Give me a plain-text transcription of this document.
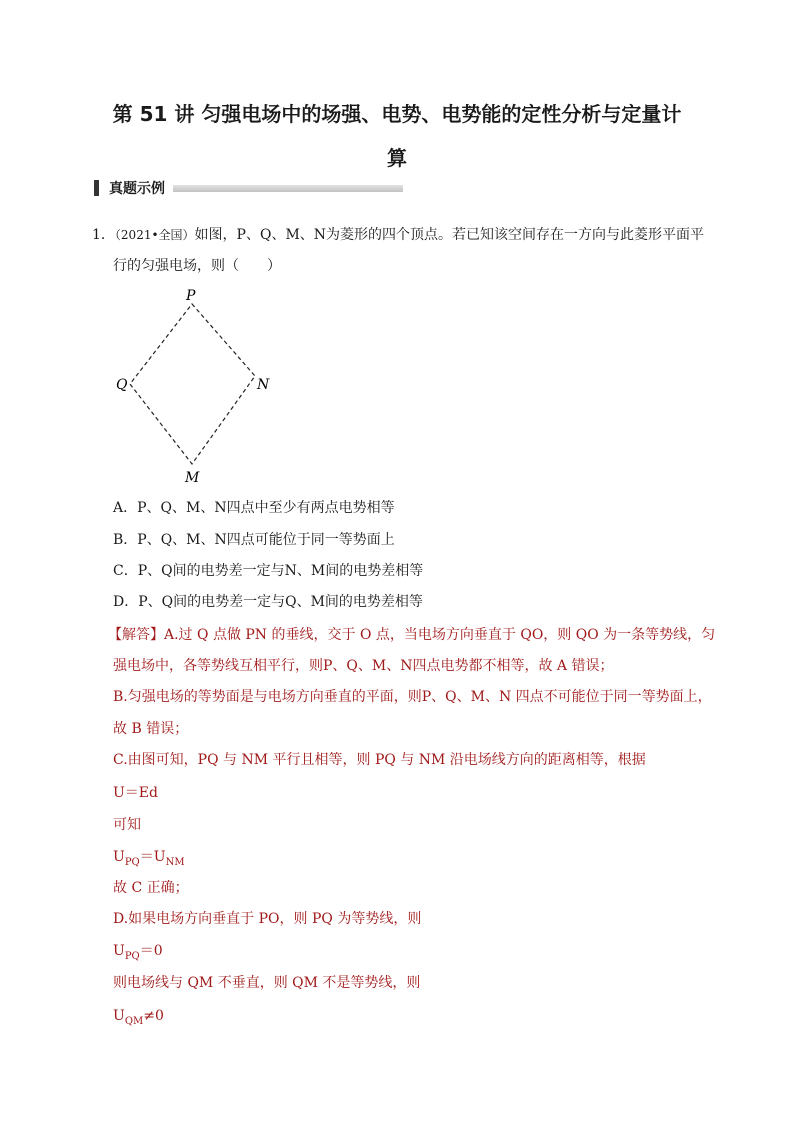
第 51 讲 匀强电场中的场强、电势、电势能的定性分析与定量计
算
真题示例
1．（2021•全国）如图，P、Q、M、N为菱形的四个顶点。若已知该空间存在一方向与此菱形平面平
行的匀强电场，则（　　）
P
Q	N
M
A．P、Q、M、N四点中至少有两点电势相等
B．P、Q、M、N四点可能位于同一等势面上
C．P、Q间的电势差一定与N、M间的电势差相等
D．P、Q间的电势差一定与Q、M间的电势差相等
【解答】A.过 Q 点做 PN 的垂线，交于 O 点，当电场方向垂直于 QO，则 QO 为一条等势线，匀
强电场中，各等势线互相平行，则P、Q、M、N四点电势都不相等，故 A 错误；
B.匀强电场的等势面是与电场方向垂直的平面，则P、Q、M、N 四点不可能位于同一等势面上，
故 B 错误；
C.由图可知，PQ 与 NM 平行且相等，则 PQ 与 NM 沿电场线方向的距离相等，根据
U＝Ed
可知
$U_{PQ}=U_{NM}$
故 C 正确；
D.如果电场方向垂直于 PO，则 PQ 为等势线，则
$U_{PQ}=0$
则电场线与 QM 不垂直，则 QM 不是等势线，则
$U_{QM}\ne 0$
